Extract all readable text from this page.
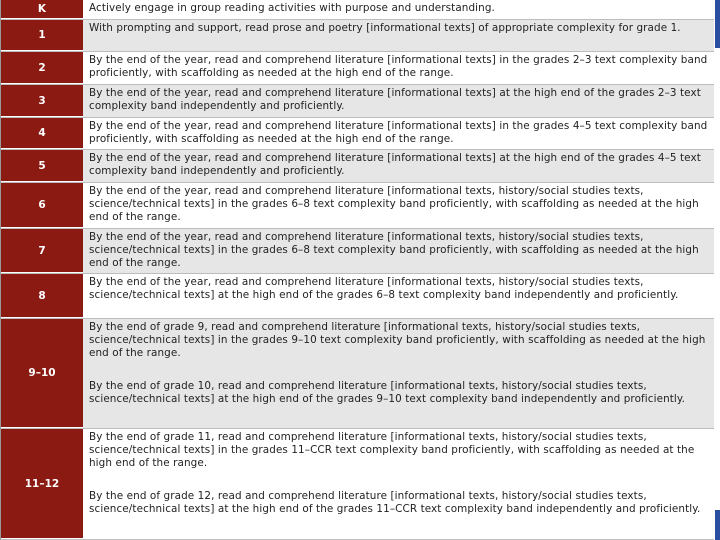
K	Actively engage in group reading activities with purpose and understanding.
1
With prompting and support, read prose and poetry [informational texts] of appropriate complexity for grade 1.
2
By the end of the year, read and comprehend literature [informational texts] in the grades 2–3 text complexity band proficiently, with scaffolding as needed at the high end of the range.
3
By the end of the year, read and comprehend literature [informational texts] at the high end of the grades 2–3 text complexity band independently and proficiently.
4
By the end of the year, read and comprehend literature [informational texts] in the grades 4–5 text complexity band proficiently, with scaffolding as needed at the high end of the range.
5
By the end of the year, read and comprehend literature [informational texts] at the high end of the grades 4–5 text complexity band independently and proficiently.
6
By the end of the year, read and comprehend literature [informational texts, history/social studies texts, science/technical texts] in the grades 6–8 text complexity band proficiently, with scaffolding as needed at the high end of the range.
7
By the end of the year, read and comprehend literature [informational texts, history/social studies texts, science/technical texts] in the grades 6–8 text complexity band proficiently, with scaffolding as needed at the high end of the range.
8
By the end of the year, read and comprehend literature [informational texts, history/social studies texts, science/technical texts] at the high end of the grades 6–8 text complexity band independently and proficiently.
9–10
By the end of grade 9, read and comprehend literature [informational texts, history/social studies texts, science/technical texts] in the grades 9–10 text complexity band proficiently, with scaffolding as needed at the high end of the range.
By the end of grade 10, read and comprehend literature [informational texts, history/social studies texts, science/technical texts] at the high end of the grades 9–10 text complexity band independently and proficiently.
11–12
By the end of grade 11, read and comprehend literature [informational texts, history/social studies texts, science/technical texts] in the grades 11–CCR text complexity band proficiently, with scaffolding as needed at the high end of the range.
By the end of grade 12, read and comprehend literature [informational texts, history/social studies texts, science/technical texts] at the high end of the grades 11–CCR text complexity band independently and proficiently.
